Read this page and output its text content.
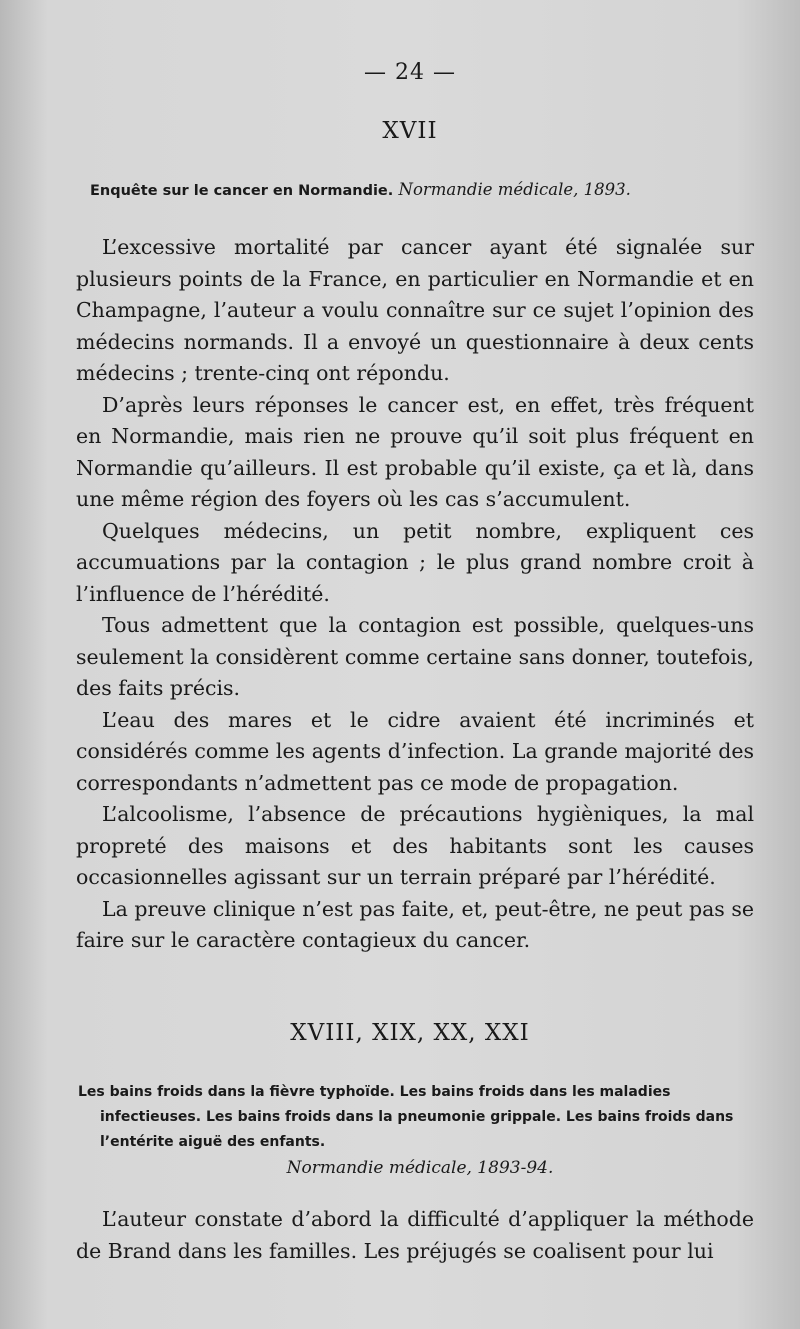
— 24 —
XVII
Enquête sur le cancer en Normandie. Normandie médicale, 1893.

L’excessive mortalité par cancer ayant été signalée sur plusieurs points de la France, en particulier en Normandie et en Champagne, l’auteur a voulu connaître sur ce sujet l’opinion des médecins normands. Il a envoyé un questionnaire à deux cents médecins ; trente-cinq ont répondu.

D’après leurs réponses le cancer est, en effet, très fréquent en Normandie, mais rien ne prouve qu’il soit plus fréquent en Normandie qu’ailleurs. Il est probable qu’il existe, ça et là, dans une même région des foyers où les cas s’accumulent.

Quelques médecins, un petit nombre, expliquent ces accumuations par la contagion ; le plus grand nombre croit à l’influence de l’hérédité.

Tous admettent que la contagion est possible, quelques-uns seulement la considèrent comme certaine sans donner, toutefois, des faits précis.

L’eau des mares et le cidre avaient été incriminés et considérés comme les agents d’infection. La grande majorité des correspondants n’admettent pas ce mode de propagation.

L’alcoolisme, l’absence de précautions hygièniques, la mal propreté des maisons et des habitants sont les causes occasionnelles agissant sur un terrain préparé par l’hérédité.

La preuve clinique n’est pas faite, et, peut-être, ne peut pas se faire sur le caractère contagieux du cancer.

XVIII, XIX, XX, XXI
Les bains froids dans la fièvre typhoïde. Les bains froids dans les maladies infectieuses. Les bains froids dans la pneumonie grippale. Les bains froids dans l’entérite aiguë des enfants.
Normandie médicale, 1893-94.

L’auteur constate d’abord la difficulté d’appliquer la méthode de Brand dans les familles. Les préjugés se coalisent pour lui
